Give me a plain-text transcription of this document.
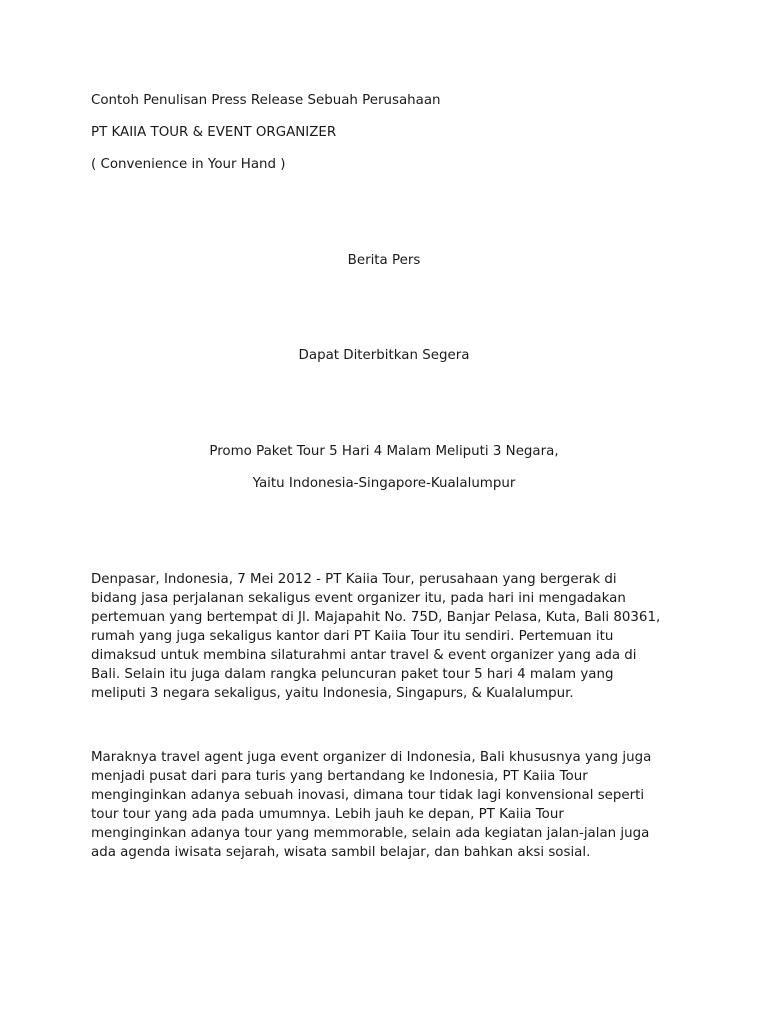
Contoh Penulisan Press Release Sebuah Perusahaan
PT KAIIA TOUR & EVENT ORGANIZER
( Convenience in Your Hand )
Berita Pers
Dapat Diterbitkan Segera
Promo Paket Tour 5 Hari 4 Malam Meliputi 3 Negara,
Yaitu Indonesia-Singapore-Kualalumpur
Denpasar, Indonesia, 7 Mei 2012 - PT Kaiia Tour, perusahaan yang bergerak di
bidang jasa perjalanan sekaligus event organizer itu, pada hari ini mengadakan
pertemuan yang bertempat di Jl. Majapahit No. 75D, Banjar Pelasa, Kuta, Bali 80361,
rumah yang juga sekaligus kantor dari PT Kaiia Tour itu sendiri. Pertemuan itu
dimaksud untuk membina silaturahmi antar travel & event organizer yang ada di
Bali. Selain itu juga dalam rangka peluncuran paket tour 5 hari 4 malam yang
meliputi 3 negara sekaligus, yaitu Indonesia, Singapurs, & Kualalumpur.
Maraknya travel agent juga event organizer di Indonesia, Bali khususnya yang juga
menjadi pusat dari para turis yang bertandang ke Indonesia, PT Kaiia Tour
menginginkan adanya sebuah inovasi, dimana tour tidak lagi konvensional seperti
tour tour yang ada pada umumnya. Lebih jauh ke depan, PT Kaiia Tour
menginginkan adanya tour yang memmorable, selain ada kegiatan jalan-jalan juga
ada agenda iwisata sejarah, wisata sambil belajar, dan bahkan aksi sosial.
